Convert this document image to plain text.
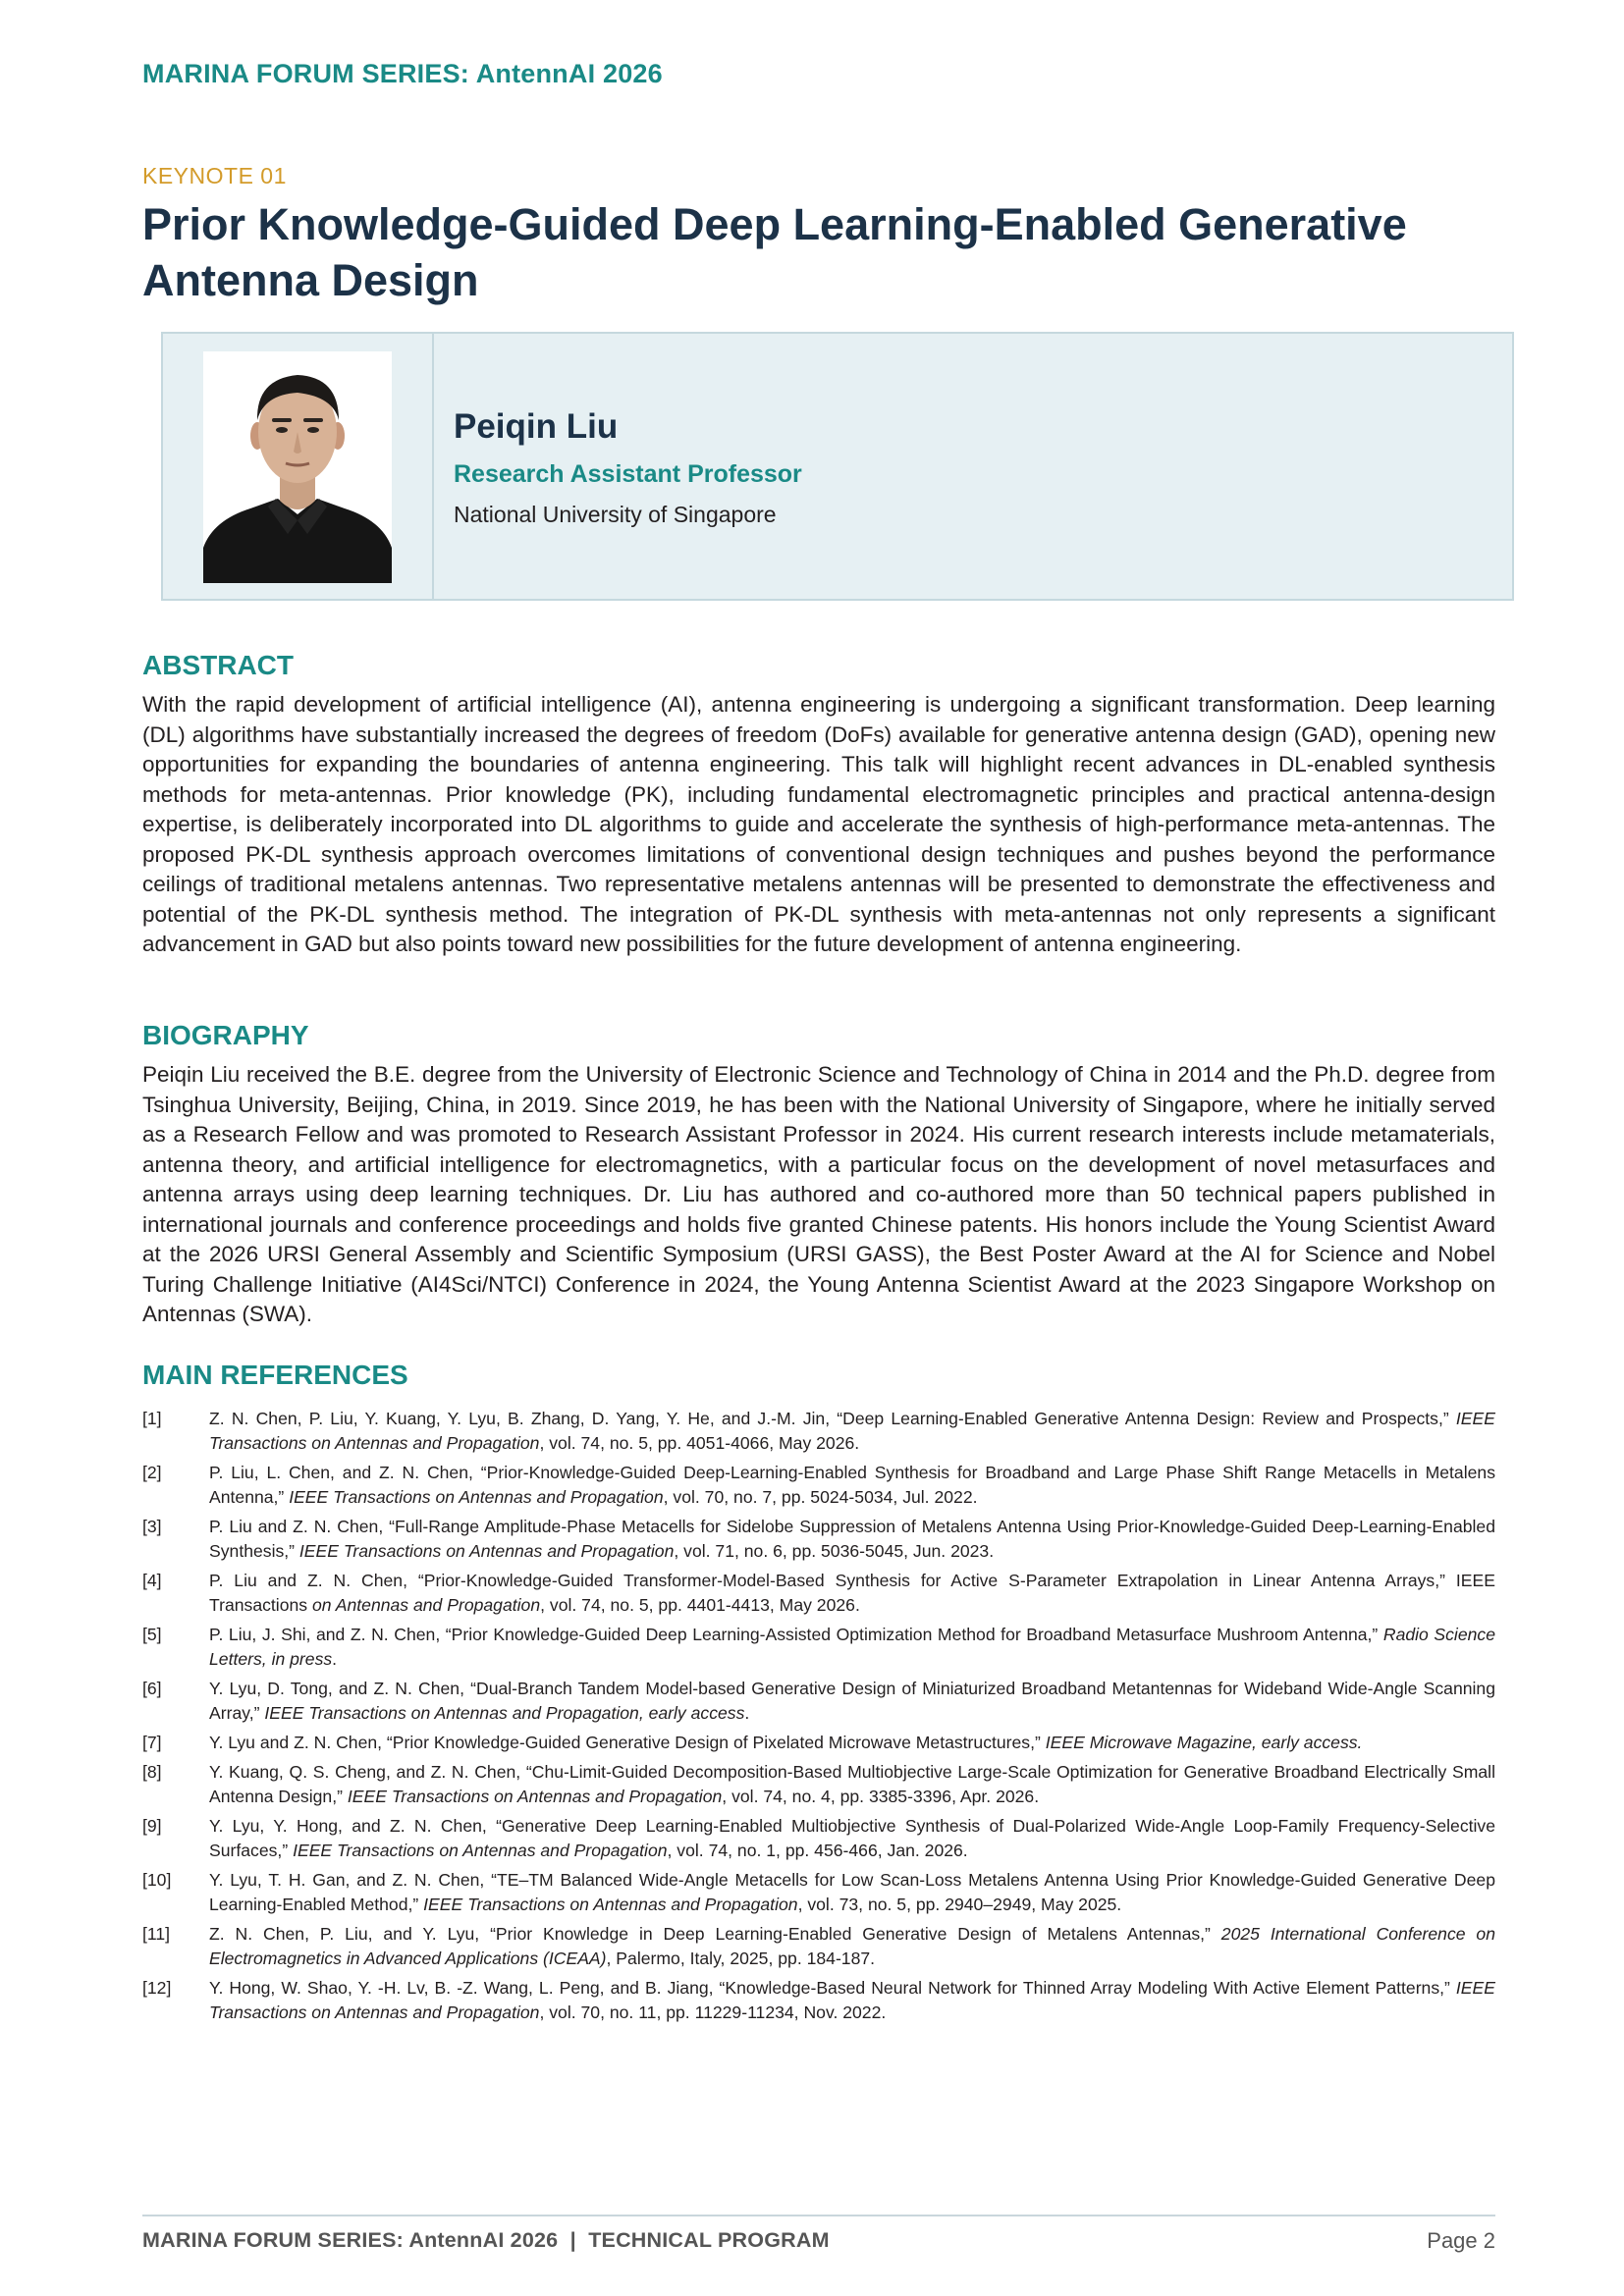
MARINA FORUM SERIES: AntennAI 2026
KEYNOTE 01
Prior Knowledge-Guided Deep Learning-Enabled Generative Antenna Design
Peiqin Liu
Research Assistant Professor
National University of Singapore
ABSTRACT

With the rapid development of artificial intelligence (AI), antenna engineering is undergoing a significant transformation. Deep learning (DL) algorithms have substantially increased the degrees of freedom (DoFs) available for generative antenna design (GAD), opening new opportunities for expanding the boundaries of antenna engineering. This talk will highlight recent advances in DL-enabled synthesis methods for meta-antennas. Prior knowledge (PK), including fundamental electromagnetic principles and practical antenna-design expertise, is deliberately incorporated into DL algorithms to guide and accelerate the synthesis of high-performance meta-antennas. The proposed PK-DL synthesis approach overcomes limitations of conventional design techniques and pushes beyond the performance ceilings of traditional metalens antennas. Two representative metalens antennas will be presented to demonstrate the effectiveness and potential of the PK-DL synthesis method. The integration of PK-DL synthesis with meta-antennas not only represents a significant advancement in GAD but also points toward new possibilities for the future development of antenna engineering.

BIOGRAPHY

Peiqin Liu received the B.E. degree from the University of Electronic Science and Technology of China in 2014 and the Ph.D. degree from Tsinghua University, Beijing, China, in 2019. Since 2019, he has been with the National University of Singapore, where he initially served as a Research Fellow and was promoted to Research Assistant Professor in 2024. His current research interests include metamaterials, antenna theory, and artificial intelligence for electromagnetics, with a particular focus on the development of novel metasurfaces and antenna arrays using deep learning techniques. Dr. Liu has authored and co-authored more than 50 technical papers published in international journals and conference proceedings and holds five granted Chinese patents. His honors include the Young Scientist Award at the 2026 URSI General Assembly and Scientific Symposium (URSI GASS), the Best Poster Award at the AI for Science and Nobel Turing Challenge Initiative (AI4Sci/NTCI) Conference in 2024, the Young Antenna Scientist Award at the 2023 Singapore Workshop on Antennas (SWA).

MAIN REFERENCES
[1]	Z. N. Chen, P. Liu, Y. Kuang, Y. Lyu, B. Zhang, D. Yang, Y. He, and J.-M. Jin, “Deep Learning-Enabled Generative Antenna Design: Review and Prospects,” IEEE Transactions on Antennas and Propagation, vol. 74, no. 5, pp. 4051-4066, May 2026.
[2]	P. Liu, L. Chen, and Z. N. Chen, “Prior-Knowledge-Guided Deep-Learning-Enabled Synthesis for Broadband and Large Phase Shift Range Metacells in Metalens Antenna,” IEEE Transactions on Antennas and Propagation, vol. 70, no. 7, pp. 5024-5034, Jul. 2022.
[3]	P. Liu and Z. N. Chen, “Full-Range Amplitude-Phase Metacells for Sidelobe Suppression of Metalens Antenna Using Prior-Knowledge-Guided Deep-Learning-Enabled Synthesis,” IEEE Transactions on Antennas and Propagation, vol. 71, no. 6, pp. 5036-5045, Jun. 2023.
[4]	P. Liu and Z. N. Chen, “Prior-Knowledge-Guided Transformer-Model-Based Synthesis for Active S-Parameter Extrapolation in Linear Antenna Arrays,” IEEE Transactions on Antennas and Propagation, vol. 74, no. 5, pp. 4401-4413, May 2026.
[5]	P. Liu, J. Shi, and Z. N. Chen, “Prior Knowledge-Guided Deep Learning-Assisted Optimization Method for Broadband Metasurface Mushroom Antenna,” Radio Science Letters, in press.
[6]	Y. Lyu, D. Tong, and Z. N. Chen, “Dual-Branch Tandem Model-based Generative Design of Miniaturized Broadband Metantennas for Wideband Wide-Angle Scanning Array,” IEEE Transactions on Antennas and Propagation, early access.
[7]	Y. Lyu and Z. N. Chen, “Prior Knowledge-Guided Generative Design of Pixelated Microwave Metastructures,” IEEE Microwave Magazine, early access.
[8]	Y. Kuang, Q. S. Cheng, and Z. N. Chen, “Chu-Limit-Guided Decomposition-Based Multiobjective Large-Scale Optimization for Generative Broadband Electrically Small Antenna Design,” IEEE Transactions on Antennas and Propagation, vol. 74, no. 4, pp. 3385-3396, Apr. 2026.
[9]	Y. Lyu, Y. Hong, and Z. N. Chen, “Generative Deep Learning-Enabled Multiobjective Synthesis of Dual-Polarized Wide-Angle Loop-Family Frequency-Selective Surfaces,” IEEE Transactions on Antennas and Propagation, vol. 74, no. 1, pp. 456-466, Jan. 2026.
[10] Y. Lyu, T. H. Gan, and Z. N. Chen, “TE–TM Balanced Wide-Angle Metacells for Low Scan-Loss Metalens Antenna Using Prior Knowledge-Guided Generative Deep Learning-Enabled Method,” IEEE Transactions on Antennas and Propagation, vol. 73, no. 5, pp. 2940–2949, May 2025.
[11] Z. N. Chen, P. Liu, and Y. Lyu, “Prior Knowledge in Deep Learning-Enabled Generative Design of Metalens Antennas,” 2025 International Conference on Electromagnetics in Advanced Applications (ICEAA), Palermo, Italy, 2025, pp. 184-187.
[12] Y. Hong, W. Shao, Y. -H. Lv, B. -Z. Wang, L. Peng, and B. Jiang, “Knowledge-Based Neural Network for Thinned Array Modeling With Active Element Patterns,” IEEE Transactions on Antennas and Propagation, vol. 70, no. 11, pp. 11229-11234, Nov. 2022.
MARINA FORUM SERIES: AntennAI 2026  |  TECHNICAL PROGRAM	Page 2
